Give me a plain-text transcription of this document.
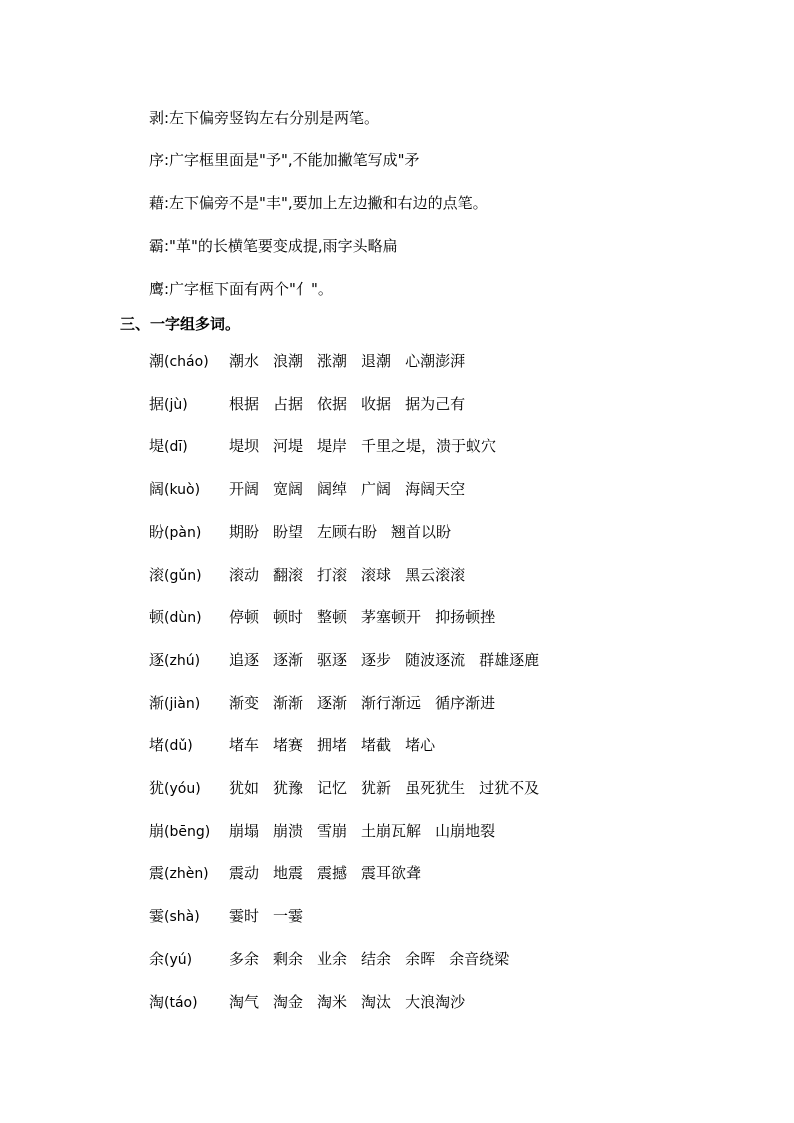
剥:左下偏旁竖钩左右分别是两笔。
序:广字框里面是"予",不能加撇笔写成"矛
藉:左下偏旁不是"丰",要加上左边撇和右边的点笔。
霸:"革"的长横笔要变成提,雨字头略扁
鹰:广字框下面有两个"亻"。
三、一字组多词。
潮(cháo) 潮水 浪潮 涨潮 退潮 心潮澎湃
据(jù)	根据 占据 依据 收据 据为己有
堤(dī)	堤坝 河堤 堤岸 千里之堤，溃于蚁穴
阔(kuò) 开阔 宽阔 阔绰 广阔 海阔天空
盼(pàn) 期盼 盼望 左顾右盼 翘首以盼
滚(gǔn) 滚动 翻滚 打滚 滚球 黑云滚滚
顿(dùn) 停顿 顿时 整顿 茅塞顿开 抑扬顿挫
逐(zhú) 追逐 逐渐 驱逐 逐步 随波逐流 群雄逐鹿
渐(jiàn) 渐变 渐渐 逐渐 渐行渐远 循序渐进
堵(dǔ) 堵车 堵赛 拥堵 堵截 堵心
犹(yóu) 犹如 犹豫 记忆 犹新 虽死犹生 过犹不及
崩(bēng) 崩塌 崩溃 雪崩 土崩瓦解 山崩地裂
震(zhèn) 震动 地震 震撼 震耳欲聋
霎(shà) 霎时 一霎
余(yú) 多余 剩余 业余 结余 余晖 余音绕梁
淘(táo) 淘气 淘金 淘米 淘汰 大浪淘沙
